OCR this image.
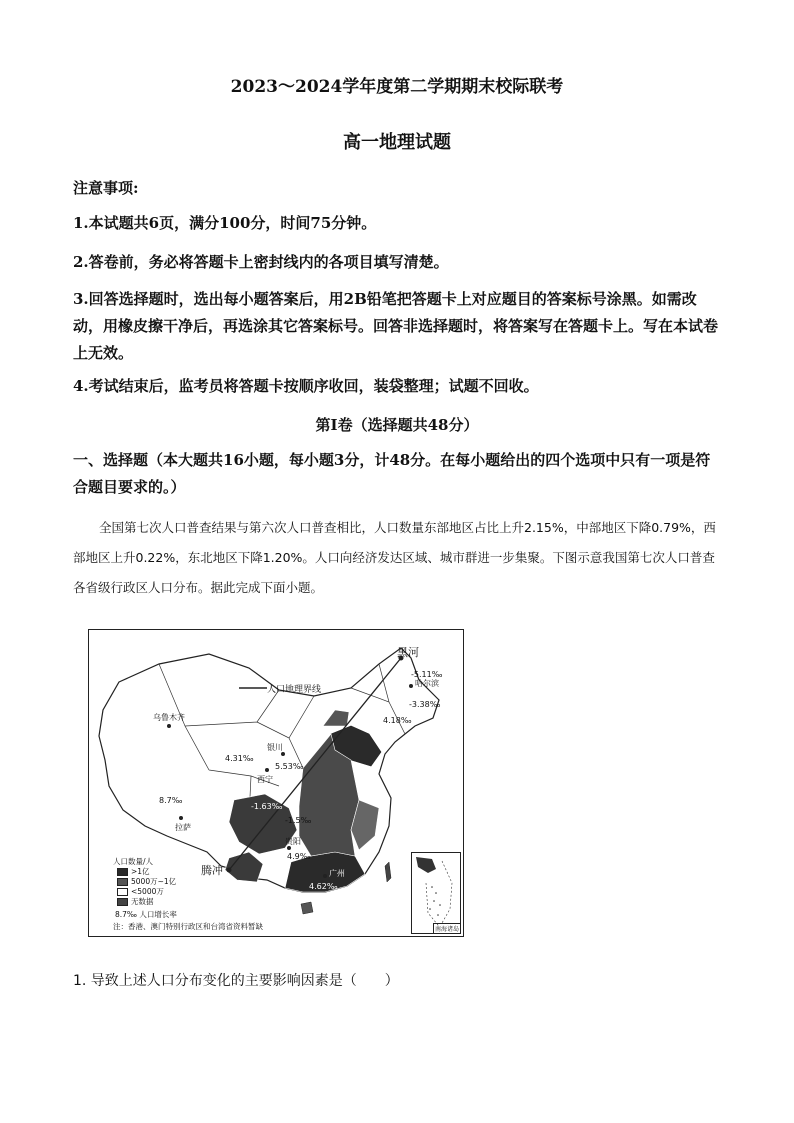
2023～2024学年度第二学期期末校际联考
高一地理试题
注意事项:
1.本试题共6页，满分100分，时间75分钟。
2.答卷前，务必将答题卡上密封线内的各项目填写清楚。
3.回答选择题时，选出每小题答案后，用2B铅笔把答题卡上对应题目的答案标号涂黑。如需改动，用橡皮擦干净后，再选涂其它答案标号。回答非选择题时，将答案写在答题卡上。写在本试卷上无效。
4.考试结束后，监考员将答题卡按顺序收回，装袋整理；试题不回收。
第Ⅰ卷（选择题共48分）
一、选择题（本大题共16小题，每小题3分，计48分。在每小题给出的四个选项中只有一项是符合题目要求的。）
全国第七次人口普查结果与第六次人口普查相比，人口数量东部地区占比上升2.15%，中部地区下降0.79%，西部地区上升0.22%，东北地区下降1.20%。人口向经济发达区域、城市群进一步集聚。下图示意我国第七次人口普查各省级行政区人口分布。据此完成下面小题。
人口地理界线
乌鲁木齐
拉萨
西宁
银川
贵阳
广州
哈尔滨
黑河
腾冲
-5.11‰
-3.38‰
4.18‰
4.31‰
5.53‰
8.7‰
-1.63‰
-1.5‰
4.9‰
4.62‰
人口数量/人
>1亿
5000万~1亿
<5000万
无数据
8.7‰ 人口增长率
注：香港、澳门特别行政区和台湾省资料暂缺	南海诸岛
1. 导致上述人口分布变化的主要影响因素是（　　）
